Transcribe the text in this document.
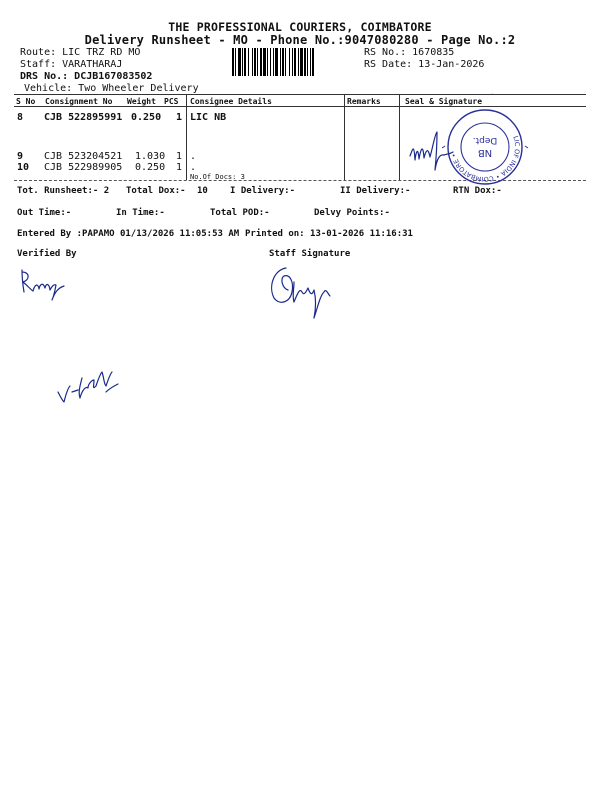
THE PROFESSIONAL COURIERS, COIMBATORE
Delivery Runsheet - MO - Phone No.:9047080280 - Page No.:2
Route: LIC TRZ RD MO
Staff: VARATHARAJ
DRS No.: DCJB167083502
Vehicle: Two Wheeler Delivery
RS No.: 1670835
RS Date: 13-Jan-2026
S No Consignment No Weight PCS Consignee Details	Remarks	Seal & Signature
8 CJB 522895991 0.250 1 LIC NB
9 CJB 523204521 1.030 1 .
10 CJB 522989905 0.250 1 .
No.Of Docs: 3
Tot. Runsheet:- 2 Total Dox:- 10 I Delivery:-	II Delivery:-	RTN Dox:-
Out Time:-	In Time:-	Total POD:-	Delvy Points:-
Entered By :PAPAMO 01/13/2026 11:05:53 AM Printed on: 13-01-2026 11:16:31
Verified By	Staff Signature
LIC OF INDIA • COIMBATORE •	NB
Dept.
·
